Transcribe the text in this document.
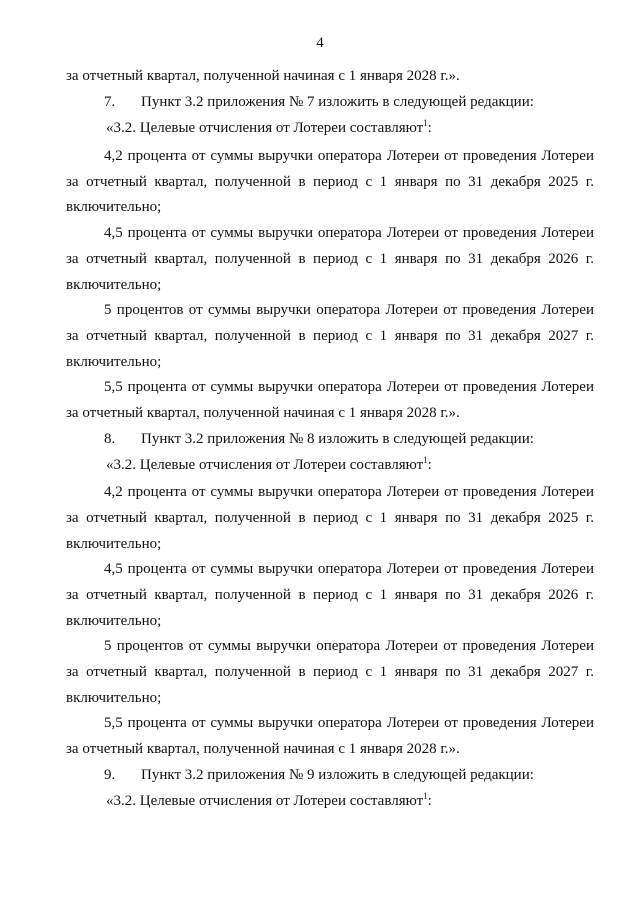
4
за отчетный квартал, полученной начиная с 1 января 2028 г.».
7. Пункт 3.2 приложения № 7 изложить в следующей редакции:
«3.2. Целевые отчисления от Лотереи составляют$^1$:
4,2 процента от суммы выручки оператора Лотереи от проведения Лотереи
за отчетный квартал, полученной в период с 1 января по 31 декабря 2025 г.
включительно;
4,5 процента от суммы выручки оператора Лотереи от проведения Лотереи
за отчетный квартал, полученной в период с 1 января по 31 декабря 2026 г.
включительно;
5 процентов от суммы выручки оператора Лотереи от проведения Лотереи
за отчетный квартал, полученной в период с 1 января по 31 декабря 2027 г.
включительно;
5,5 процента от суммы выручки оператора Лотереи от проведения Лотереи
за отчетный квартал, полученной начиная с 1 января 2028 г.».
8. Пункт 3.2 приложения № 8 изложить в следующей редакции:
«3.2. Целевые отчисления от Лотереи составляют$^1$:
4,2 процента от суммы выручки оператора Лотереи от проведения Лотереи
за отчетный квартал, полученной в период с 1 января по 31 декабря 2025 г.
включительно;
4,5 процента от суммы выручки оператора Лотереи от проведения Лотереи
за отчетный квартал, полученной в период с 1 января по 31 декабря 2026 г.
включительно;
5 процентов от суммы выручки оператора Лотереи от проведения Лотереи
за отчетный квартал, полученной в период с 1 января по 31 декабря 2027 г.
включительно;
5,5 процента от суммы выручки оператора Лотереи от проведения Лотереи
за отчетный квартал, полученной начиная с 1 января 2028 г.».
9. Пункт 3.2 приложения № 9 изложить в следующей редакции:
«3.2. Целевые отчисления от Лотереи составляют$^1$:
